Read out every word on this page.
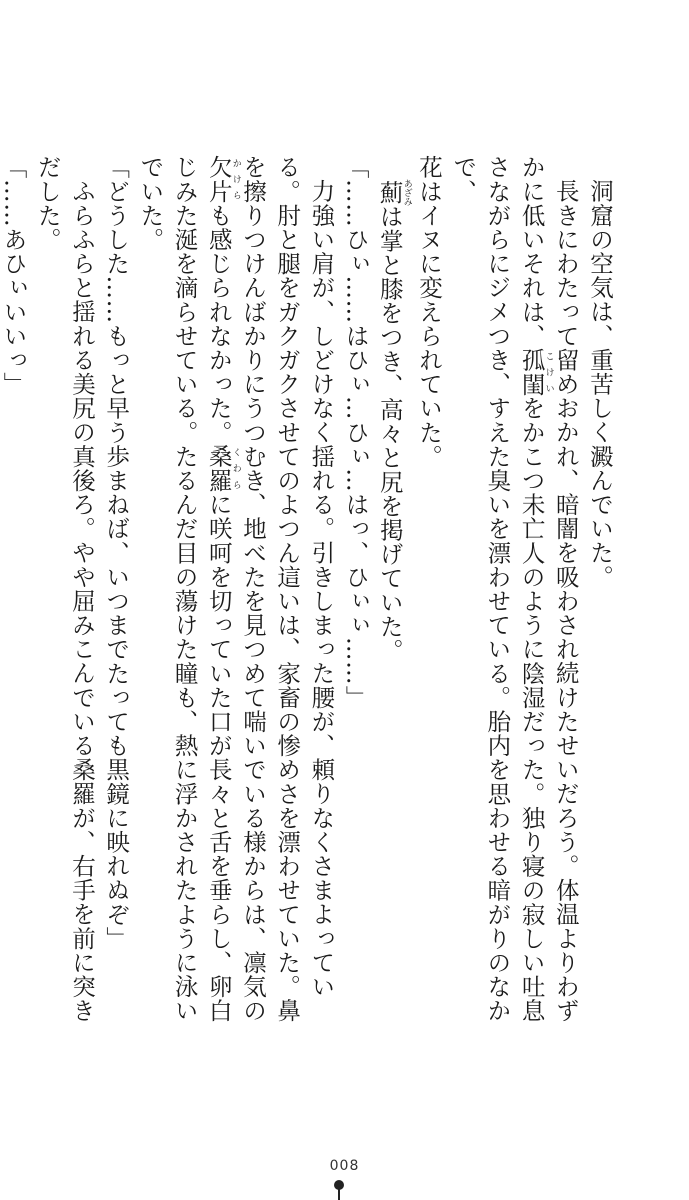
洞窟の空気は、重苦しく澱んでいた。
長きにわたって留めおかれ、暗闇を吸わされ続けたせいだろう。体温よりわずかに低いそれは、孤閨こけいをかこつ未亡人のように陰湿だった。独り寝の寂しい吐息さながらにジメつき、すえた臭いを漂わせている。胎内を思わせる暗がりのなかで、
花はイヌに変えられていた。
薊あざみは掌と膝をつき、高々と尻を掲げていた。
「……ひぃ……はひぃ…ひぃ…はっ、ひぃぃ……」
力強い肩が、しどけなく揺れる。引きしまった腰が、頼りなくさまよっている。肘と腿をガクガクさせてのよつん這いは、家畜の惨めさを漂わせていた。鼻を擦りつけんばかりにうつむき、地べたを見つめて喘いでいる様からは、凛気の欠片かけらも感じられなかった。桑羅くわらに咲呵を切っていた口が長々と舌を垂らし、卵白じみた涎を滴らせている。たるんだ目の蕩けた瞳も、熱に浮かされたように泳いでいた。
「どうした……もっと早う歩まねば、いつまでたっても黒鏡に映れぬぞ」
ふらふらと揺れる美尻の真後ろ。やや屈みこんでいる桑羅が、右手を前に突きだした。
「……あひぃいいっ」
008
